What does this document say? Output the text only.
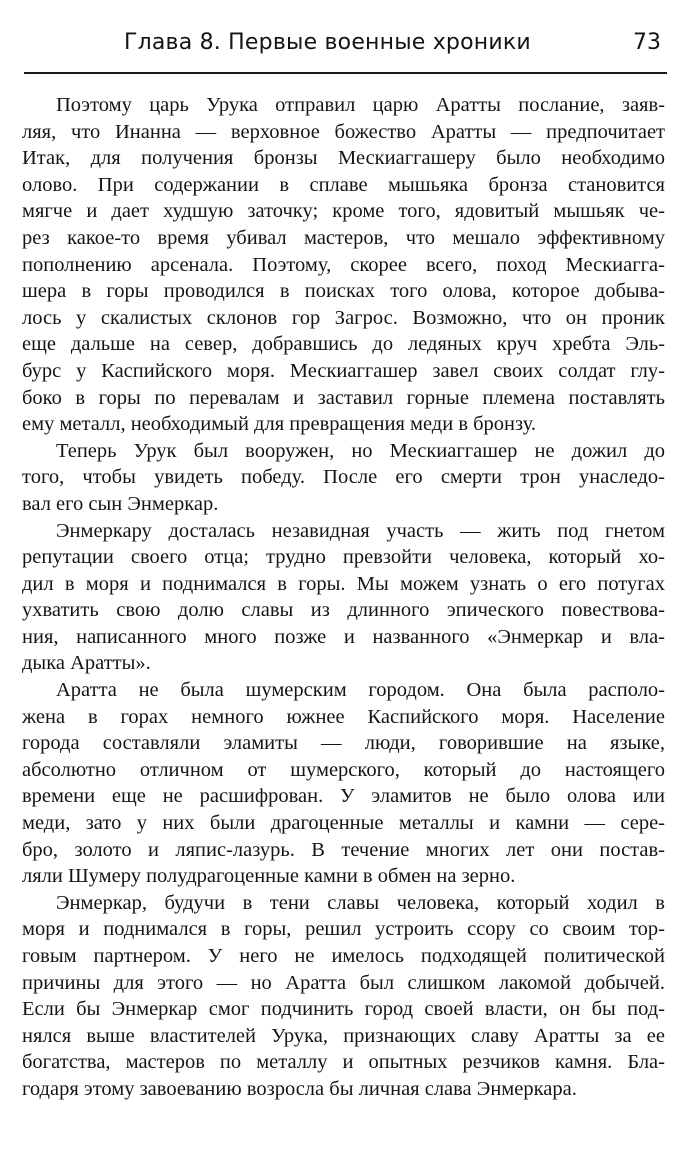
Глава 8. Первые военные хроники	73
Поэтому царь Урука отправил царю Аратты послание, заяв-
ляя, что Инанна — верховное божество Аратты — предпочитает
Итак, для получения бронзы Мескиаггашеру было необходимо
олово. При содержании в сплаве мышьяка бронза становится
мягче и дает худшую заточку; кроме того, ядовитый мышьяк че-
рез какое-то время убивал мастеров, что мешало эффективному
пополнению арсенала. Поэтому, скорее всего, поход Мескиагга-
шера в горы проводился в поисках того олова, которое добыва-
лось у скалистых склонов гор Загрос. Возможно, что он проник
еще дальше на север, добравшись до ледяных круч хребта Эль-
бурс у Каспийского моря. Мескиаггашер завел своих солдат глу-
боко в горы по перевалам и заставил горные племена поставлять
ему металл, необходимый для превращения меди в бронзу.
Теперь Урук был вооружен, но Мескиаггашер не дожил до
того, чтобы увидеть победу. После его смерти трон унаследо-
вал его сын Энмеркар.
Энмеркару досталась незавидная участь — жить под гнетом
репутации своего отца; трудно превзойти человека, который хо-
дил в моря и поднимался в горы. Мы можем узнать о его потугах
ухватить свою долю славы из длинного эпического повествова-
ния, написанного много позже и названного «Энмеркар и вла-
дыка Аратты».
Аратта не была шумерским городом. Она была располо-
жена в горах немного южнее Каспийского моря. Население
города составляли эламиты — люди, говорившие на языке,
абсолютно отличном от шумерского, который до настоящего
времени еще не расшифрован. У эламитов не было олова или
меди, зато у них были драгоценные металлы и камни — сере-
бро, золото и ляпис-лазурь. В течение многих лет они постав-
ляли Шумеру полудрагоценные камни в обмен на зерно.
Энмеркар, будучи в тени славы человека, который ходил в
моря и поднимался в горы, решил устроить ссору со своим тор-
говым партнером. У него не имелось подходящей политической
причины для этого — но Аратта был слишком лакомой добычей.
Если бы Энмеркар смог подчинить город своей власти, он бы под-
нялся выше властителей Урука, признающих славу Аратты за ее
богатства, мастеров по металлу и опытных резчиков камня. Бла-
годаря этому завоеванию возросла бы личная слава Энмеркара.
